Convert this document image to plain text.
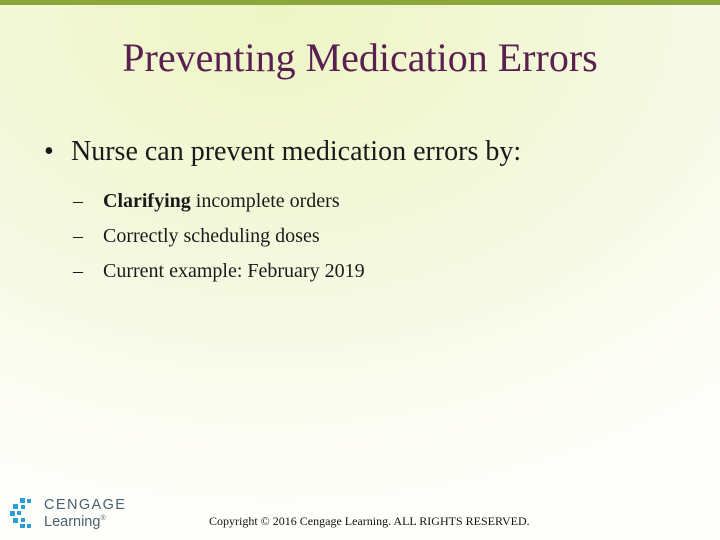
Preventing Medication Errors
• Nurse can prevent medication errors by:
–	Clarifying incomplete orders
–	Correctly scheduling doses
–	Current example: February 2019
CENGAGE
Learning®	Copyright © 2016 Cengage Learning. ALL RIGHTS RESERVED.
